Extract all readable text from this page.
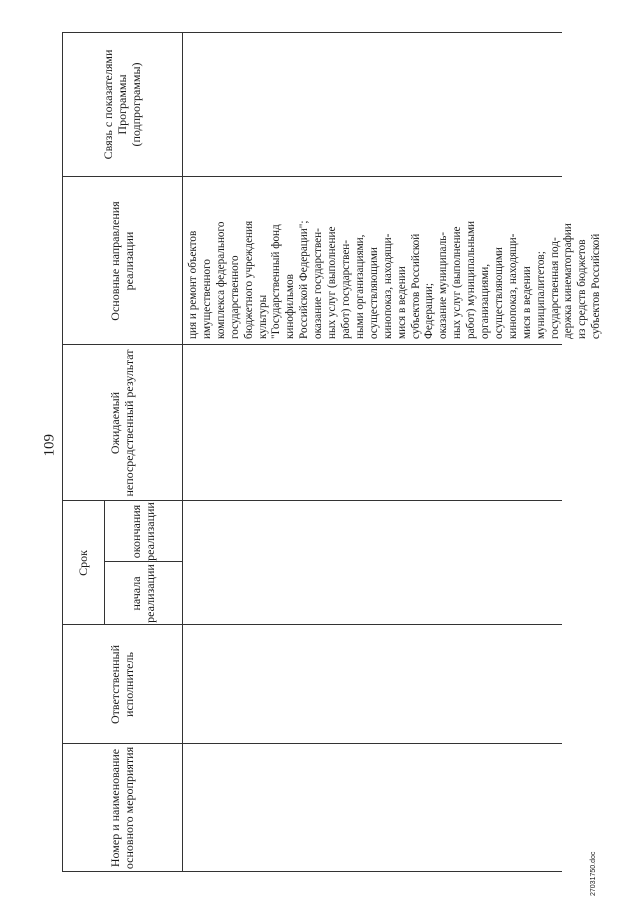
109
27031750.doc
Номер и наименование основного мероприятия
Ответственный исполнитель
Срок
начала реализации
окончания реализации
Ожидаемый непосредственный результат
Основные направления реализации
Связь с показателями Программы (подпрограммы)
ция и ремонт объектов имущественного комплекса федерального государственного бюджетного учреждения культуры "Государственный фонд кинофильмов Российской Федерации"; оказание государствен- ных услуг (выполнение работ) государствен- ными организациями, осуществляющими кинопоказ, находящи- мися в ведении субъектов Российской Федерации; оказание муниципаль- ных услуг (выполнение работ) муниципальными организациями, осуществляющими кинопоказ, находящи- мися в ведении муниципалитетов; государственная под- держка кинематографии из средств бюджетов субъектов Российской
